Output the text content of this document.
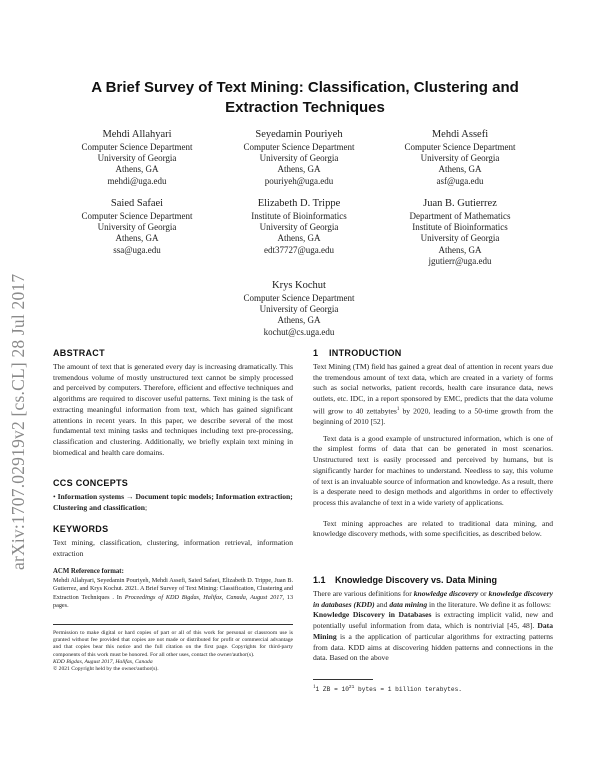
arXiv:1707.02919v2 [cs.CL] 28 Jul 2017
A Brief Survey of Text Mining: Classification, Clustering and Extraction Techniques
Mehdi Allahyari
Computer Science Department
University of Georgia
Athens, GA
mehdi@uga.edu
Seyedamin Pouriyeh
Computer Science Department
University of Georgia
Athens, GA
pouriyeh@uga.edu
Mehdi Assefi
Computer Science Department
University of Georgia
Athens, GA
asf@uga.edu
Saied Safaei
Computer Science Department
University of Georgia
Athens, GA
ssa@uga.edu
Elizabeth D. Trippe
Institute of Bioinformatics
University of Georgia
Athens, GA
edt37727@uga.edu
Juan B. Gutierrez
Department of Mathematics
Institute of Bioinformatics
University of Georgia
Athens, GA
jgutierr@uga.edu
Krys Kochut
Computer Science Department
University of Georgia
Athens, GA
kochut@cs.uga.edu
ABSTRACT

The amount of text that is generated every day is increasing dramatically. This tremendous volume of mostly unstructured text cannot be simply processed and perceived by computers. Therefore, efficient and effective techniques and algorithms are required to discover useful patterns. Text mining is the task of extracting meaningful information from text, which has gained significant attentions in recent years. In this paper, we describe several of the most fundamental text mining tasks and techniques including text pre-processing, classification and clustering. Additionally, we briefly explain text mining in biomedical and health care domains.

CCS CONCEPTS

• Information systems → Document topic models; Information extraction; Clustering and classification;

KEYWORDS

Text mining, classification, clustering, information retrieval, information extraction

ACM Reference format:

Mehdi Allahyari, Seyedamin Pouriyeh, Mehdi Assefi, Saied Safaei, Elizabeth D. Trippe, Juan B. Gutierrez, and Krys Kochut. 2021. A Brief Survey of Text Mining: Classification, Clustering and Extraction Techniques . In Proceedings of KDD Bigdas, Halifax, Canada, August 2017, 13 pages.

Permission to make digital or hard copies of part or all of this work for personal or classroom use is granted without fee provided that copies are not made or distributed for profit or commercial advantage and that copies bear this notice and the full citation on the first page. Copyrights for third-party components of this work must be honored. For all other uses, contact the owner/author(s).

KDD Bigdas, August 2017, Halifax, Canada

© 2021 Copyright held by the owner/author(s).

1 INTRODUCTION

Text Mining (TM) field has gained a great deal of attention in recent years due the tremendous amount of text data, which are created in a variety of forms such as social networks, patient records, health care insurance data, news outlets, etc. IDC, in a report sponsored by EMC, predicts that the data volume will grow to 40 zettabytes$^1$ by 2020, leading to a 50-time growth from the beginning of 2010 [52].

Text data is a good example of unstructured information, which is one of the simplest forms of data that can be generated in most scenarios. Unstructured text is easily processed and perceived by humans, but is significantly harder for machines to understand. Needless to say, this volume of text is an invaluable source of information and knowledge. As a result, there is a desperate need to design methods and algorithms in order to effectively process this avalanche of text in a wide variety of applications.

Text mining approaches are related to traditional data mining, and knowledge discovery methods, with some specificities, as described below.

1.1 Knowledge Discovery vs. Data Mining

There are various definitions for knowledge discovery or knowledge discovery in databases (KDD) and data mining in the literature. We define it as follows:

Knowledge Discovery in Databases is extracting implicit valid, new and potentially useful information from data, which is nontrivial [45, 48]. Data Mining is a the application of particular algorithms for extracting patterns from data. KDD aims at discovering hidden patterns and connections in the data. Based on the above

$^1$1 ZB = $10^{21}$ bytes = 1 billion terabytes.
